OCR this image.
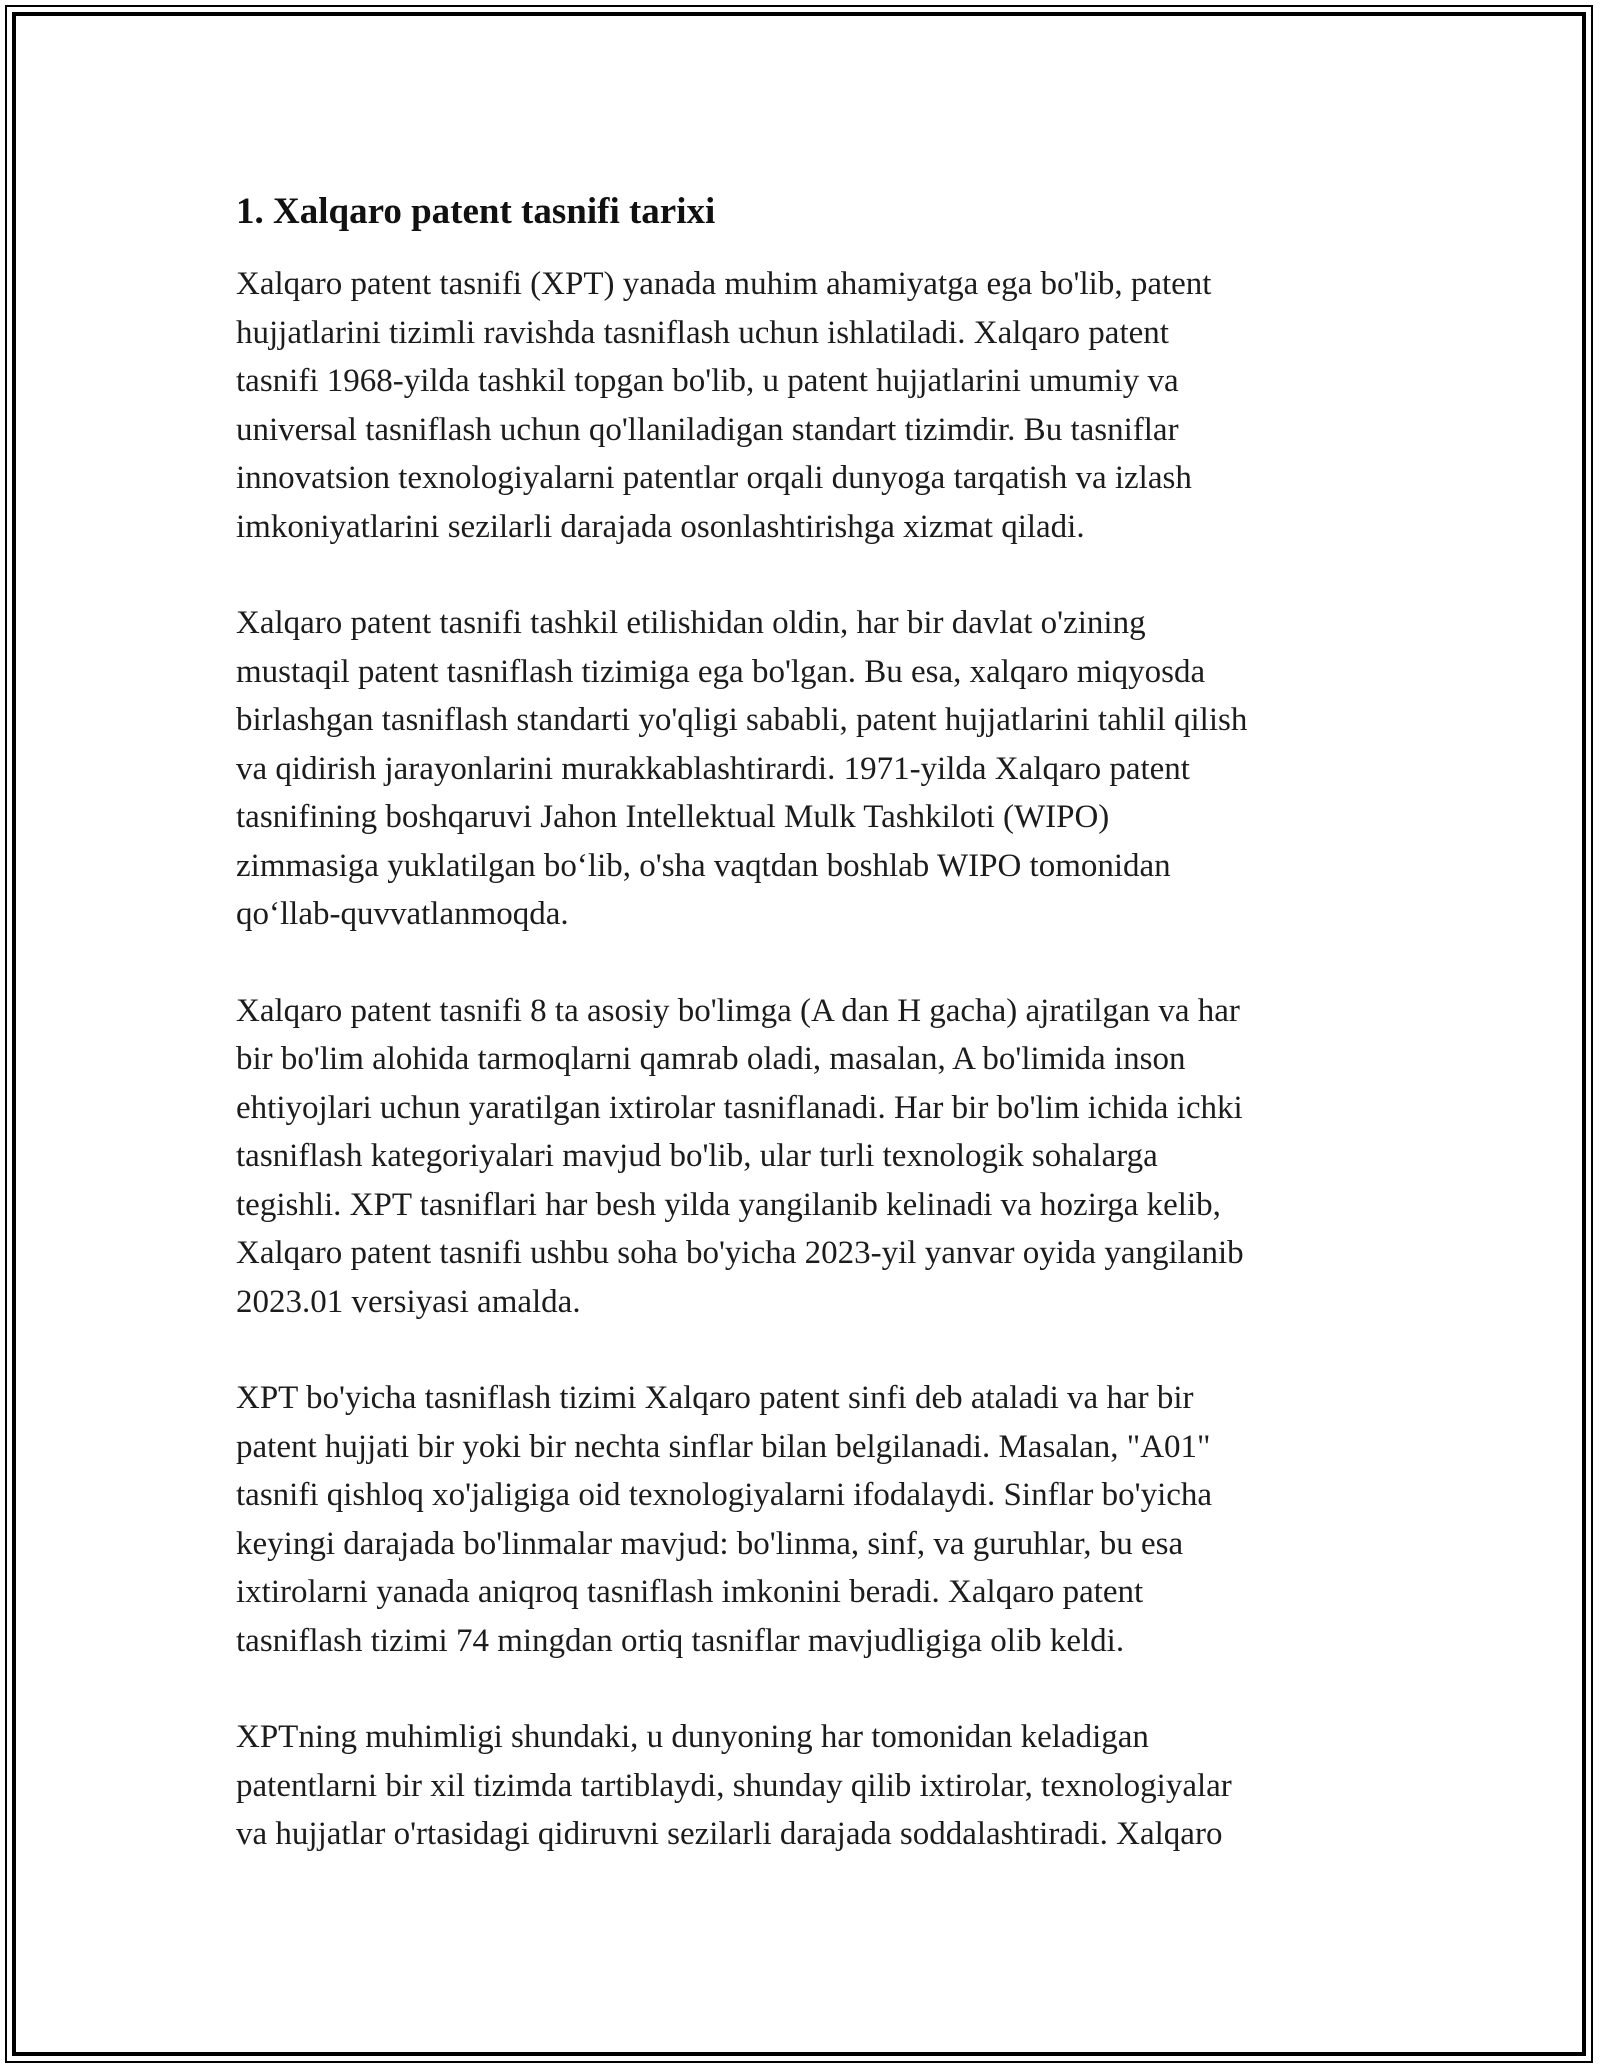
1. Xalqaro patent tasnifi tarixi

Xalqaro patent tasnifi (XPT) yanada muhim ahamiyatga ega bo'lib, patent
hujjatlarini tizimli ravishda tasniflash uchun ishlatiladi. Xalqaro patent
tasnifi 1968-yilda tashkil topgan bo'lib, u patent hujjatlarini umumiy va
universal tasniflash uchun qo'llaniladigan standart tizimdir. Bu tasniflar
innovatsion texnologiyalarni patentlar orqali dunyoga tarqatish va izlash
imkoniyatlarini sezilarli darajada osonlashtirishga xizmat qiladi.

Xalqaro patent tasnifi tashkil etilishidan oldin, har bir davlat o'zining
mustaqil patent tasniflash tizimiga ega bo'lgan. Bu esa, xalqaro miqyosda
birlashgan tasniflash standarti yo'qligi sababli, patent hujjatlarini tahlil qilish
va qidirish jarayonlarini murakkablashtirardi. 1971-yilda Xalqaro patent
tasnifining boshqaruvi Jahon Intellektual Mulk Tashkiloti (WIPO)
zimmasiga yuklatilgan bo‘lib, o'sha vaqtdan boshlab WIPO tomonidan
qo‘llab-quvvatlanmoqda.

Xalqaro patent tasnifi 8 ta asosiy bo'limga (A dan H gacha) ajratilgan va har
bir bo'lim alohida tarmoqlarni qamrab oladi, masalan, A bo'limida inson
ehtiyojlari uchun yaratilgan ixtirolar tasniflanadi. Har bir bo'lim ichida ichki
tasniflash kategoriyalari mavjud bo'lib, ular turli texnologik sohalarga
tegishli. XPT tasniflari har besh yilda yangilanib kelinadi va hozirga kelib,
Xalqaro patent tasnifi ushbu soha bo'yicha 2023-yil yanvar oyida yangilanib
2023.01 versiyasi amalda.

XPT bo'yicha tasniflash tizimi Xalqaro patent sinfi deb ataladi va har bir
patent hujjati bir yoki bir nechta sinflar bilan belgilanadi. Masalan, "A01"
tasnifi qishloq xo'jaligiga oid texnologiyalarni ifodalaydi. Sinflar bo'yicha
keyingi darajada bo'linmalar mavjud: bo'linma, sinf, va guruhlar, bu esa
ixtirolarni yanada aniqroq tasniflash imkonini beradi. Xalqaro patent
tasniflash tizimi 74 mingdan ortiq tasniflar mavjudligiga olib keldi.

XPTning muhimligi shundaki, u dunyoning har tomonidan keladigan
patentlarni bir xil tizimda tartiblaydi, shunday qilib ixtirolar, texnologiyalar
va hujjatlar o'rtasidagi qidiruvni sezilarli darajada soddalashtiradi. Xalqaro
